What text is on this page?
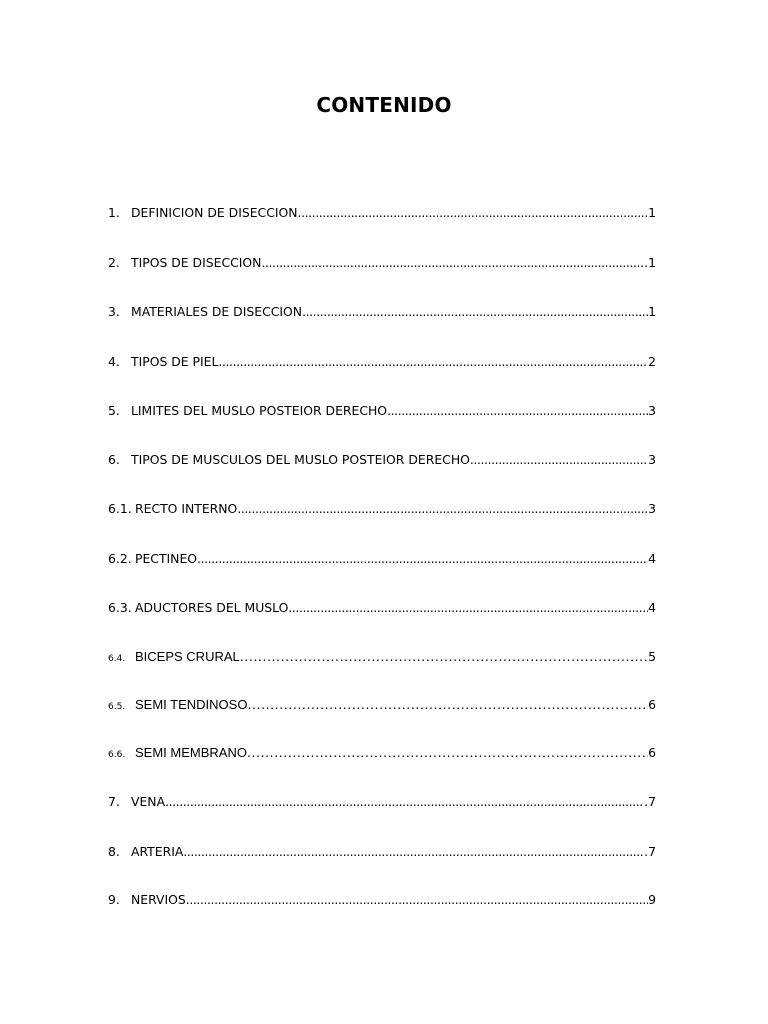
CONTENIDO
1. DEFINICION DE DISECCION .....	1
2. TIPOS DE DISECCION .....	.1
3. MATERIALES DE DISECCION .....	1
4. TIPOS DE PIEL .....	2
5. LIMITES DEL MUSLO POSTEIOR DERECHO .....	3
6. TIPOS DE MUSCULOS DEL MUSLO POSTEIOR DERECHO .....	3
6.1. RECTO INTERNO .....	3
6.2. PECTINEO .....	4
6.3. ADUCTORES DEL MUSLO .....	4
6.4. BICEPS CRURAL .....	5
6.5. SEMI TENDINOSO .....	6
6.6. SEMI MEMBRANO .....	6
7. VENA .....	.7
8. ARTERIA .....	.7
9. NERVIOS .....	9
